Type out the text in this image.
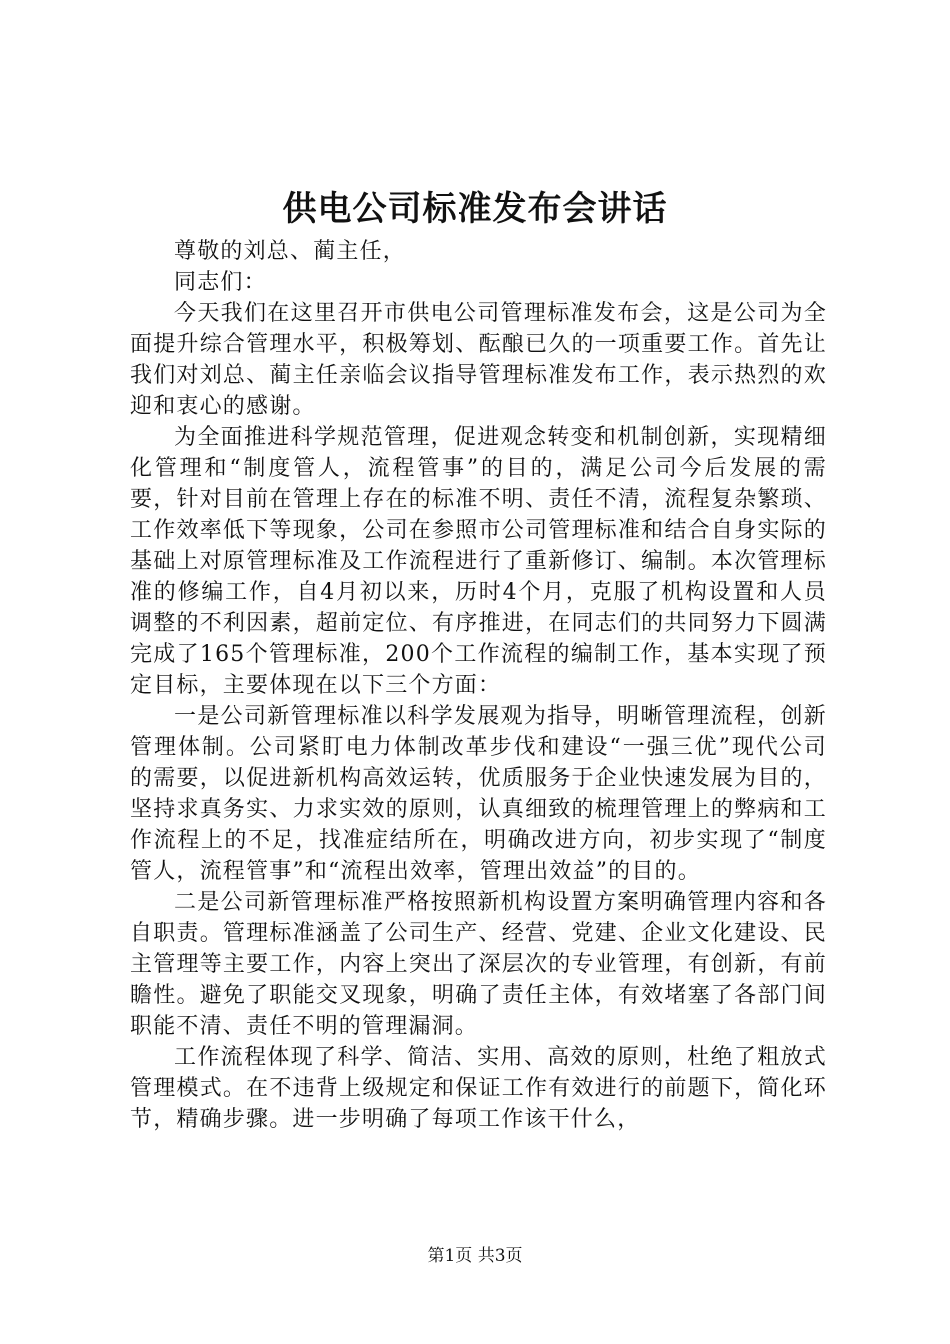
供电公司标准发布会讲话

尊敬的刘总、蔺主任，

同志们：

今天我们在这里召开市供电公司管理标准发布会，这是公司为全面提升综合管理水平，积极筹划、酝酿已久的一项重要工作。首先让我们对刘总、蔺主任亲临会议指导管理标准发布工作，表示热烈的欢迎和衷心的感谢。

为全面推进科学规范管理，促进观念转变和机制创新，实现精细化管理和“制度管人，流程管事”的目的，满足公司今后发展的需要，针对目前在管理上存在的标准不明、责任不清，流程复杂繁琐、工作效率低下等现象，公司在参照市公司管理标准和结合自身实际的基础上对原管理标准及工作流程进行了重新修订、编制。本次管理标准的修编工作，自4月初以来，历时4个月，克服了机构设置和人员调整的不利因素，超前定位、有序推进，在同志们的共同努力下圆满完成了165个管理标准，200个工作流程的编制工作，基本实现了预定目标，主要体现在以下三个方面：

一是公司新管理标准以科学发展观为指导，明晰管理流程，创新管理体制。公司紧盯电力体制改革步伐和建设“一强三优”现代公司的需要，以促进新机构高效运转，优质服务于企业快速发展为目的，坚持求真务实、力求实效的原则，认真细致的梳理管理上的弊病和工作流程上的不足，找准症结所在，明确改进方向，初步实现了“制度管人，流程管事”和“流程出效率，管理出效益”的目的。

二是公司新管理标准严格按照新机构设置方案明确管理内容和各自职责。管理标准涵盖了公司生产、经营、党建、企业文化建设、民主管理等主要工作，内容上突出了深层次的专业管理，有创新，有前瞻性。避免了职能交叉现象，明确了责任主体，有效堵塞了各部门间职能不清、责任不明的管理漏洞。

工作流程体现了科学、简洁、实用、高效的原则，杜绝了粗放式管理模式。在不违背上级规定和保证工作有效进行的前题下，简化环节，精确步骤。进一步明确了每项工作该干什么，

第1页 共3页
